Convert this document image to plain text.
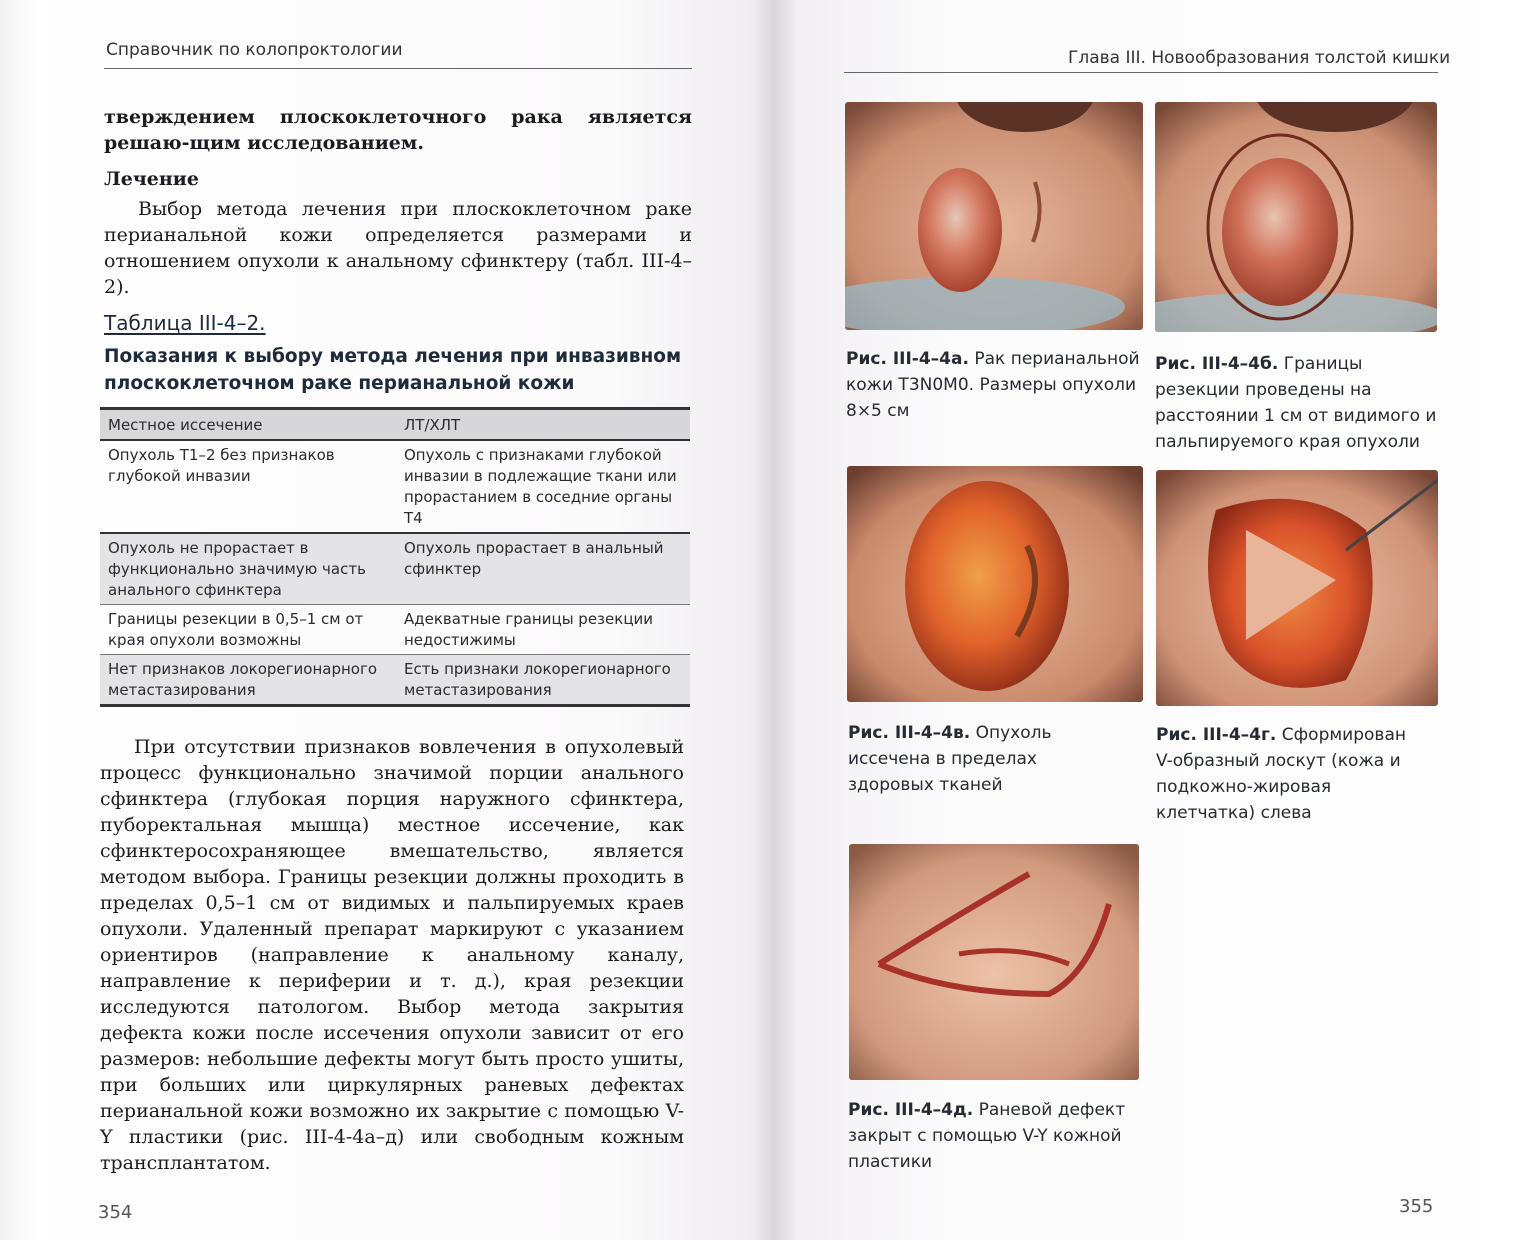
Справочник по колопроктологии

тверждением плоскоклеточного рака является решаю-щим исследованием.

Лечение

Выбор метода лечения при плоскоклеточном раке перианальной кожи определяется размерами и отношением опухоли к анальному сфинктеру (табл. III-4–2).

Таблица III-4–2.
Показания к выбору метода лечения при инвазивном плоскоклеточном раке перианальной кожи
Местное иссечение	ЛТ/ХЛТ
Опухоль Т1–2 без признаков глубокой инвазии	Опухоль с признаками глубокой инвазии в подлежащие ткани или прорастанием в соседние органы Т4
Опухоль не прорастает в функционально значимую часть анального сфинктера	Опухоль прорастает в анальный сфинктер
Границы резекции в 0,5–1 см от края опухоли возможны	Адекватные границы резекции недостижимы
Нет признаков локорегионарного метастазирования	Есть признаки локорегионарного метастазирования

При отсутствии признаков вовлечения в опухолевый процесс функционально значимой порции анального сфинктера (глубокая порция наружного сфинктера, пуборектальная мышца) местное иссечение, как сфинктеросохраняющее вмешательство, является методом выбора. Границы резекции должны проходить в пределах 0,5–1 см от видимых и пальпируемых краев опухоли. Удаленный препарат маркируют с указанием ориентиров (направление к анальному каналу, направление к периферии и т. д.), края резекции исследуются патологом. Выбор метода закрытия дефекта кожи после иссечения опухоли зависит от его размеров: небольшие дефекты могут быть просто ушиты, при больших или циркулярных раневых дефектах перианальной кожи возможно их закрытие с помощью V-Y пластики (рис. III-4-4а–д) или свободным кожным трансплантатом.

354
Глава III. Новообразования толстой кишки
Рис. III-4–4а. Рак перианальной кожи Т3N0M0. Размеры опухоли 8×5 см
Рис. III-4–4б. Границы резекции проведены на расстоянии 1 см от видимого и пальпируемого края опухоли
Рис. III-4–4в. Опухоль иссечена в пределах здоровых тканей
Рис. III-4–4г. Сформирован V-образный лоскут (кожа и подкожно-жировая клетчатка) слева
Рис. III-4–4д. Раневой дефект закрыт с помощью V-Y кожной пластики
355
